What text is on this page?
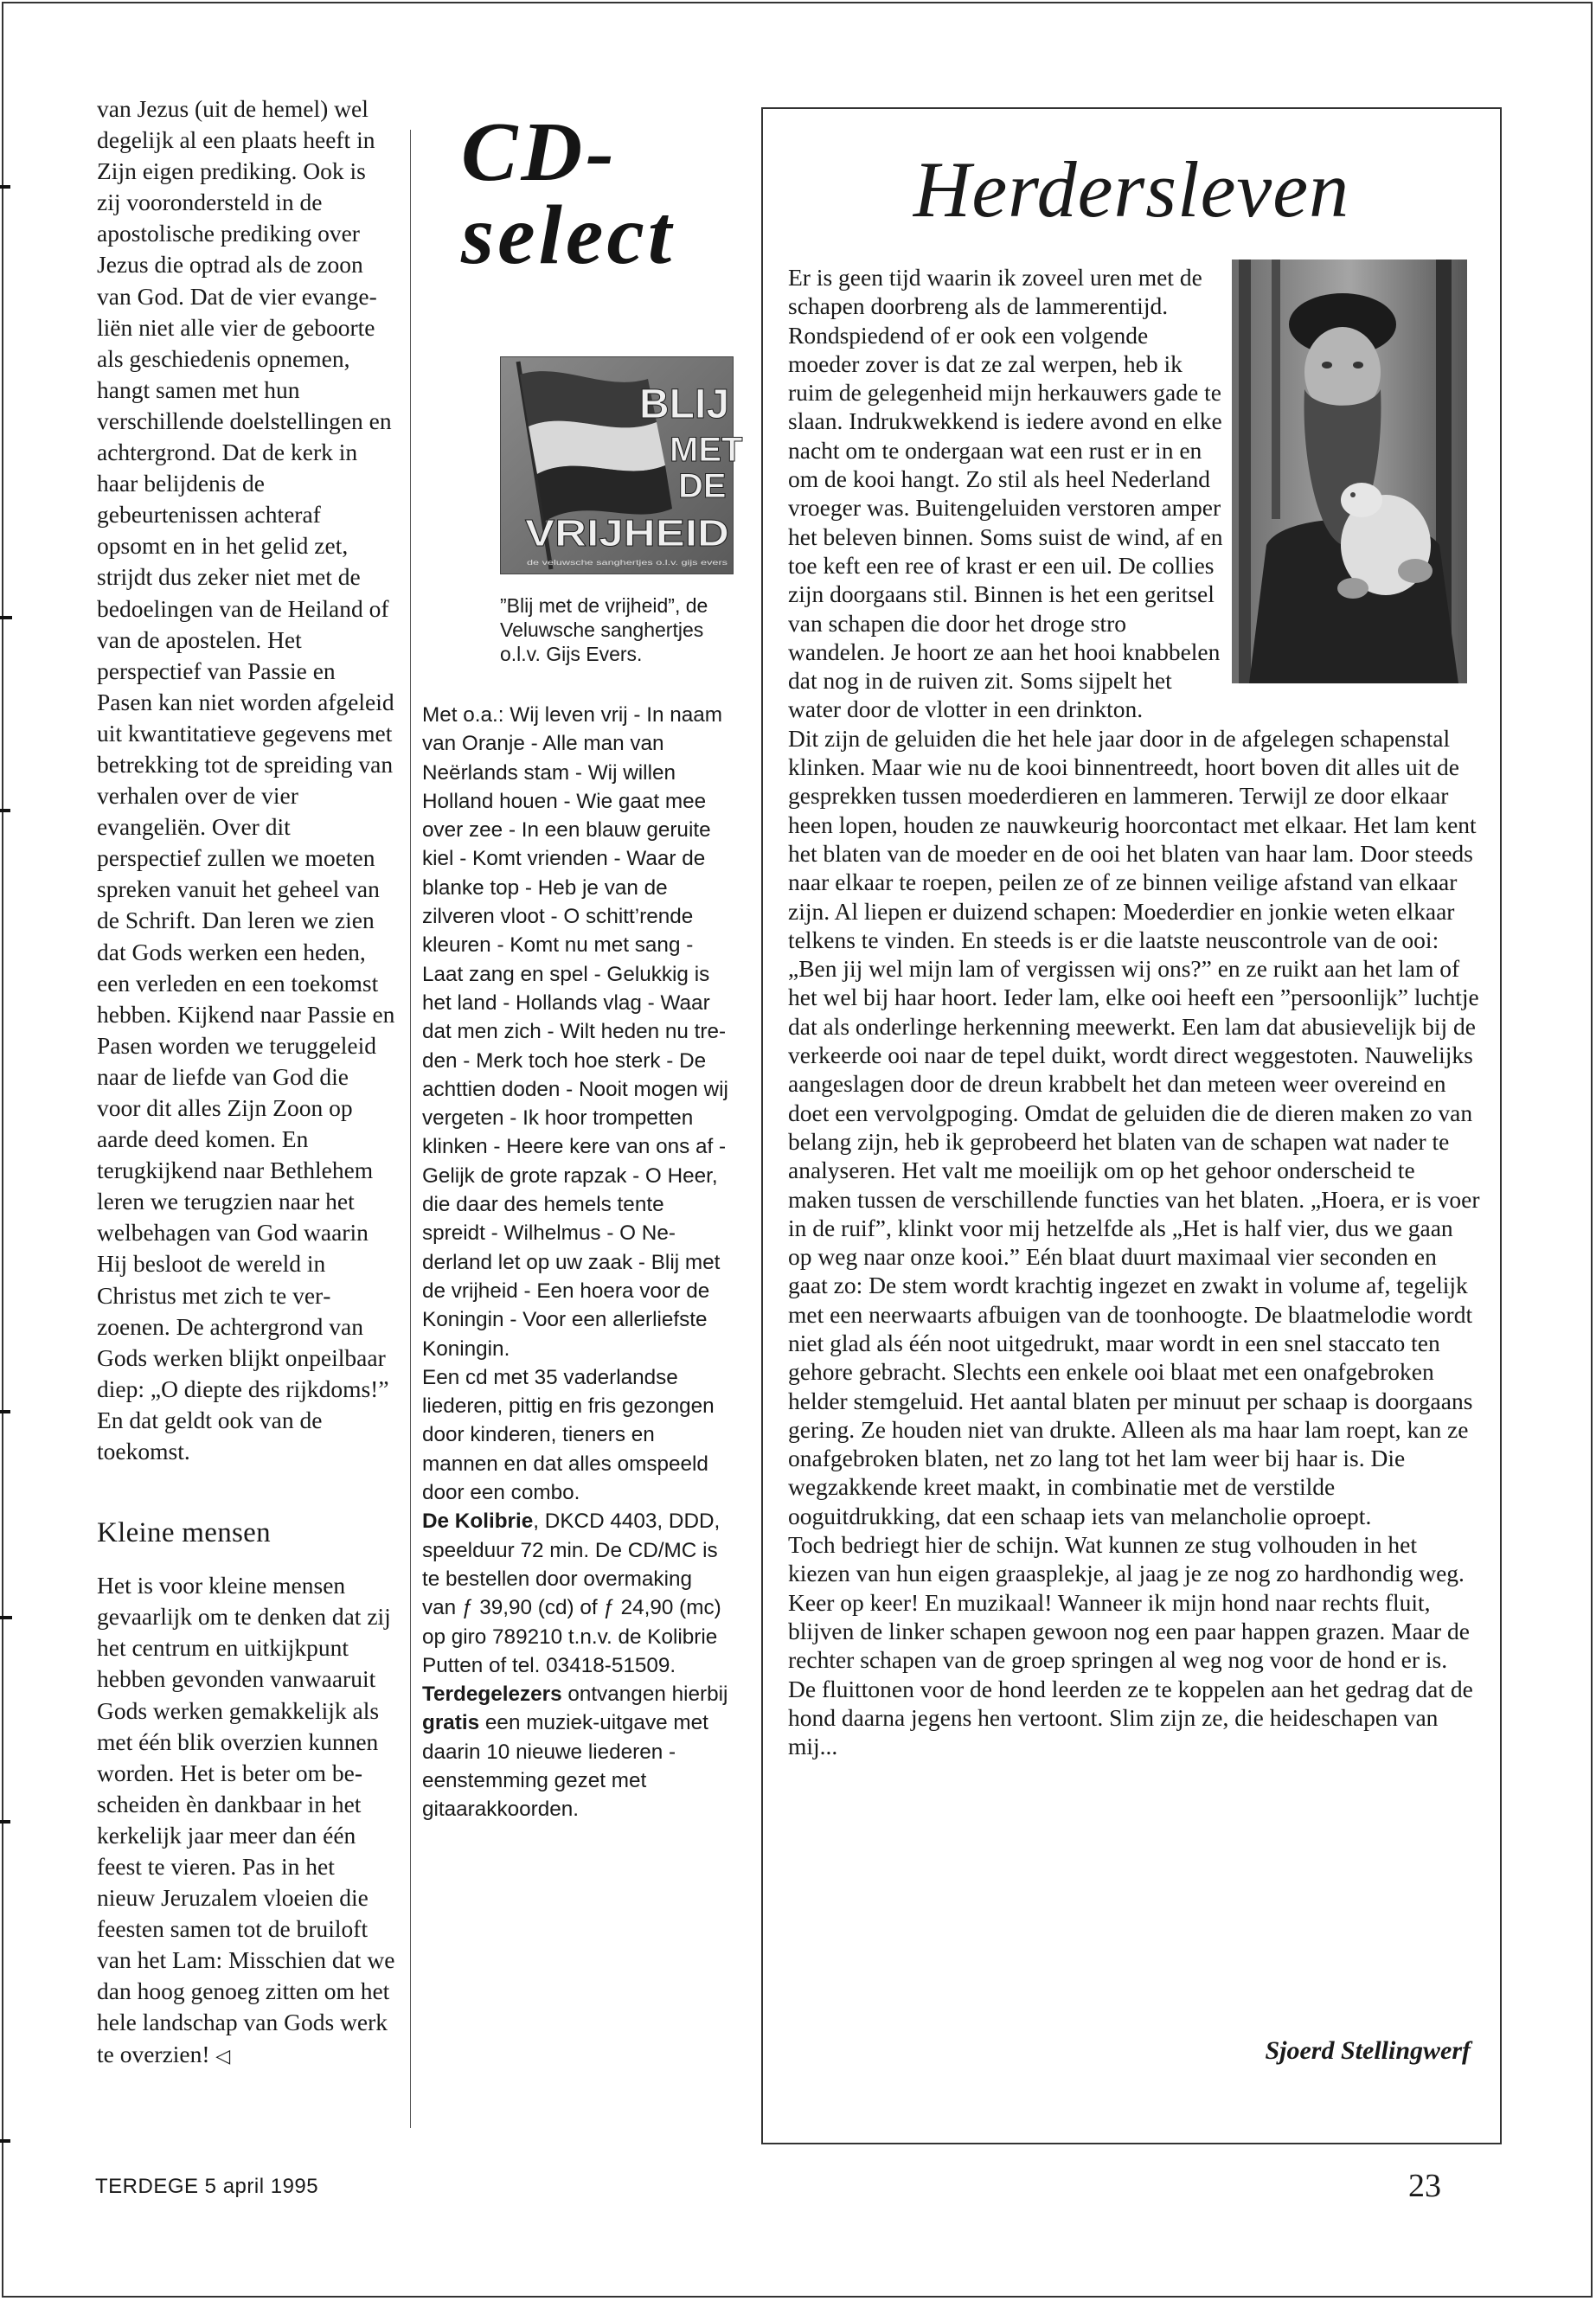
van Jezus (uit de hemel) wel degelijk al een plaats heeft in Zijn eigen prediking. Ook is zij voorondersteld in de apostolische prediking over Jezus die optrad als de zoon van God. Dat de vier evangeliën niet alle vier de geboorte als geschiedenis opnemen, hangt samen met hun verschillende doelstellingen en achtergrond. Dat de kerk in haar belijdenis de gebeurtenissen achteraf opsomt en in het gelid zet, strijdt dus zeker niet met de bedoelingen van de Heiland of van de apostelen. Het perspectief van Passie en Pasen kan niet worden afgeleid uit kwantitatieve gegevens met betrekking tot de spreiding van verhalen over de vier evangeliën. Over dit perspectief zullen we moeten spreken vanuit het geheel van de Schrift. Dan leren we zien dat Gods werken een heden, een verleden en een toekomst hebben. Kijkend naar Passie en Pasen worden we teruggeleid naar de liefde van God die voor dit alles Zijn Zoon op aarde deed komen. En terugkijkend naar Bethlehem leren we terugzien naar het welbehagen van God waarin Hij besloot de wereld in Christus met zich te verzoenen. De achtergrond van Gods werken blijkt onpeilbaar diep: „O diepte des rijkdoms!” En dat geldt ook van de toekomst.

Kleine mensen

Het is voor kleine mensen gevaarlijk om te denken dat zij het centrum en uitkijkpunt hebben gevonden vanwaaruit Gods werken gemakkelijk als met één blik overzien kunnen worden. Het is beter om bescheiden èn dankbaar in het kerkelijk jaar meer dan één feest te vieren. Pas in het nieuw Jeruzalem vloeien die feesten samen tot de bruiloft van het Lam: Misschien dat we dan hoog genoeg zitten om het hele landschap van Gods werk te overzien! ◁

CD-
select
BLIJ
MET
DE
VRIJHEID
de veluwsche sanghertjes o.l.v. gijs evers
”Blij met de vrijheid”, de Veluwsche sanghertjes o.l.v. Gijs Evers.
Met o.a.: Wij leven vrij - In naam van Oranje - Alle man van Neërlands stam - Wij willen Holland houen - Wie gaat mee over zee - In een blauw geruite kiel - Komt vrienden - Waar de blanke top - Heb je van de zilveren vloot - O schitt’rende kleuren - Komt nu met sang - Laat zang en spel - Gelukkig is het land - Hollands vlag - Waar dat men zich - Wilt heden nu treden - Merk toch hoe sterk - De achttien doden - Nooit mogen wij vergeten - Ik hoor trompetten klinken - Heere kere van ons af - Gelijk de grote rapzak - O Heer, die daar des hemels tente spreidt - Wilhelmus - O Nederland let op uw zaak - Blij met de vrijheid - Een hoera voor de Koningin - Voor een allerliefste Koningin.
Een cd met 35 vaderlandse liederen, pittig en fris gezongen door kinderen, tieners en mannen en dat alles omspeeld door een combo.
De Kolibrie, DKCD 4403, DDD, speelduur 72 min. De CD/MC is te bestellen door overmaking van ƒ 39,90 (cd) of ƒ 24,90 (mc) op giro 789210 t.n.v. de Kolibrie Putten of tel. 03418-51509.
Terdegelezers ontvangen hierbij gratis een muziek-uitgave met daarin 10 nieuwe liederen - eenstemming gezet met gitaarakkoorden.
Herdersleven

Er is geen tijd waarin ik zoveel uren met de schapen doorbreng als de lammerentijd. Rondspiedend of er ook een volgende moeder zover is dat ze zal werpen, heb ik ruim de gelegenheid mijn herkauwers gade te slaan. Indrukwekkend is iedere avond en elke nacht om te ondergaan wat een rust er in en om de kooi hangt. Zo stil als heel Nederland vroeger was. Buitengeluiden verstoren amper het beleven binnen. Soms suist de wind, af en toe keft een ree of krast er een uil. De collies zijn doorgaans stil. Binnen is het een geritsel van schapen die door het droge stro wandelen. Je hoort ze aan het hooi knabbelen dat nog in de ruiven zit. Soms sijpelt het water door de vlotter in een drinkton.

Dit zijn de geluiden die het hele jaar door in de afgelegen schapenstal klinken. Maar wie nu de kooi binnentreedt, hoort boven dit alles uit de gesprekken tussen moederdieren en lammeren. Terwijl ze door elkaar heen lopen, houden ze nauwkeurig hoorcontact met elkaar. Het lam kent het blaten van de moeder en de ooi het blaten van haar lam. Door steeds naar elkaar te roepen, peilen ze of ze binnen veilige afstand van elkaar zijn. Al liepen er duizend schapen: Moederdier en jonkie weten elkaar telkens te vinden. En steeds is er die laatste neuscontrole van de ooi: „Ben jij wel mijn lam of vergissen wij ons?” en ze ruikt aan het lam of het wel bij haar hoort. Ieder lam, elke ooi heeft een ”persoonlijk” luchtje dat als onderlinge herkenning meewerkt. Een lam dat abusievelijk bij de verkeerde ooi naar de tepel duikt, wordt direct weggestoten. Nauwelijks aangeslagen door de dreun krabbelt het dan meteen weer overeind en doet een vervolgpoging. Omdat de geluiden die de dieren maken zo van belang zijn, heb ik geprobeerd het blaten van de schapen wat nader te analyseren. Het valt me moeilijk om op het gehoor onderscheid te maken tussen de verschillende functies van het blaten. „Hoera, er is voer in de ruif”, klinkt voor mij hetzelfde als „Het is half vier, dus we gaan op weg naar onze kooi.” Eén blaat duurt maximaal vier seconden en gaat zo: De stem wordt krachtig ingezet en zwakt in volume af, tegelijk met een neerwaarts afbuigen van de toonhoogte. De blaatmelodie wordt niet glad als één noot uitgedrukt, maar wordt in een snel staccato ten gehore gebracht. Slechts een enkele ooi blaat met een onafgebroken helder stemgeluid. Het aantal blaten per minuut per schaap is doorgaans gering. Ze houden niet van drukte. Alleen als ma haar lam roept, kan ze onafgebroken blaten, net zo lang tot het lam weer bij haar is. Die wegzakkende kreet maakt, in combinatie met de verstilde ooguitdrukking, dat een schaap iets van melancholie oproept.

Toch bedriegt hier de schijn. Wat kunnen ze stug volhouden in het kiezen van hun eigen graasplekje, al jaag je ze nog zo hardhondig weg. Keer op keer! En muzikaal! Wanneer ik mijn hond naar rechts fluit, blijven de linker schapen gewoon nog een paar happen grazen. Maar de rechter schapen van de groep springen al weg nog voor de hond er is. De fluittonen voor de hond leerden ze te koppelen aan het gedrag dat de hond daarna jegens hen vertoont. Slim zijn ze, die heideschapen van mij...

Sjoerd Stellingwerf
TERDEGE 5 april 1995	23
